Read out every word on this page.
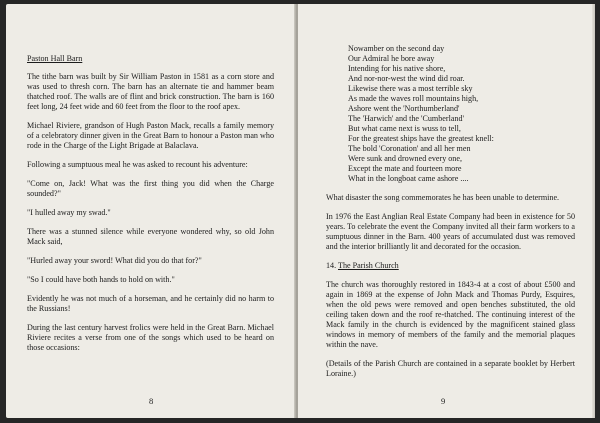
Paston Hall Barn

The tithe barn was built by Sir William Paston in 1581 as a corn store and was used to thresh corn. The barn has an alternate tie and hammer beam thatched roof. The walls are of flint and brick construction. The barn is 160 feet long, 24 feet wide and 60 feet from the floor to the roof apex.

Michael Riviere, grandson of Hugh Paston Mack, recalls a family memory of a celebratory dinner given in the Great Barn to honour a Paston man who rode in the Charge of the Light Brigade at Balaclava.

Following a sumptuous meal he was asked to recount his adventure:

"Come on, Jack! What was the first thing you did when the Charge sounded?"

"I hulled away my swad."

There was a stunned silence while everyone wondered why, so old John Mack said,

"Hurled away your sword! What did you do that for?"

"So I could have both hands to hold on with."

Evidently he was not much of a horseman, and he certainly did no harm to the Russians!

During the last century harvest frolics were held in the Great Barn. Michael Riviere recites a verse from one of the songs which used to be heard on those occasions:

8
Nowamber on the second day
Our Admiral he bore away
Intending for his native shore,
And nor-nor-west the wind did roar.
Likewise there was a most terrible sky
As made the waves roll mountains high,
Ashore went the 'Northumberland'
The 'Harwich' and the 'Cumberland'
But what came next is wuss to tell,
For the greatest ships have the greatest knell:
The bold 'Coronation' and all her men
Were sunk and drowned every one,
Except the mate and fourteen more
What in the longboat came ashore ....

What disaster the song commemorates he has been unable to determine.

In 1976 the East Anglian Real Estate Company had been in existence for 50 years. To celebrate the event the Company invited all their farm workers to a sumptuous dinner in the Barn. 400 years of accumulated dust was removed and the interior brilliantly lit and decorated for the occasion.

14. The Parish Church

The church was thoroughly restored in 1843-4 at a cost of about £500 and again in 1869 at the expense of John Mack and Thomas Purdy, Esquires, when the old pews were removed and open benches substituted, the old ceiling taken down and the roof re-thatched. The continuing interest of the Mack family in the church is evidenced by the magnificent stained glass windows in memory of members of the family and the memorial plaques within the nave.

(Details of the Parish Church are contained in a separate booklet by Herbert Loraine.)

9
